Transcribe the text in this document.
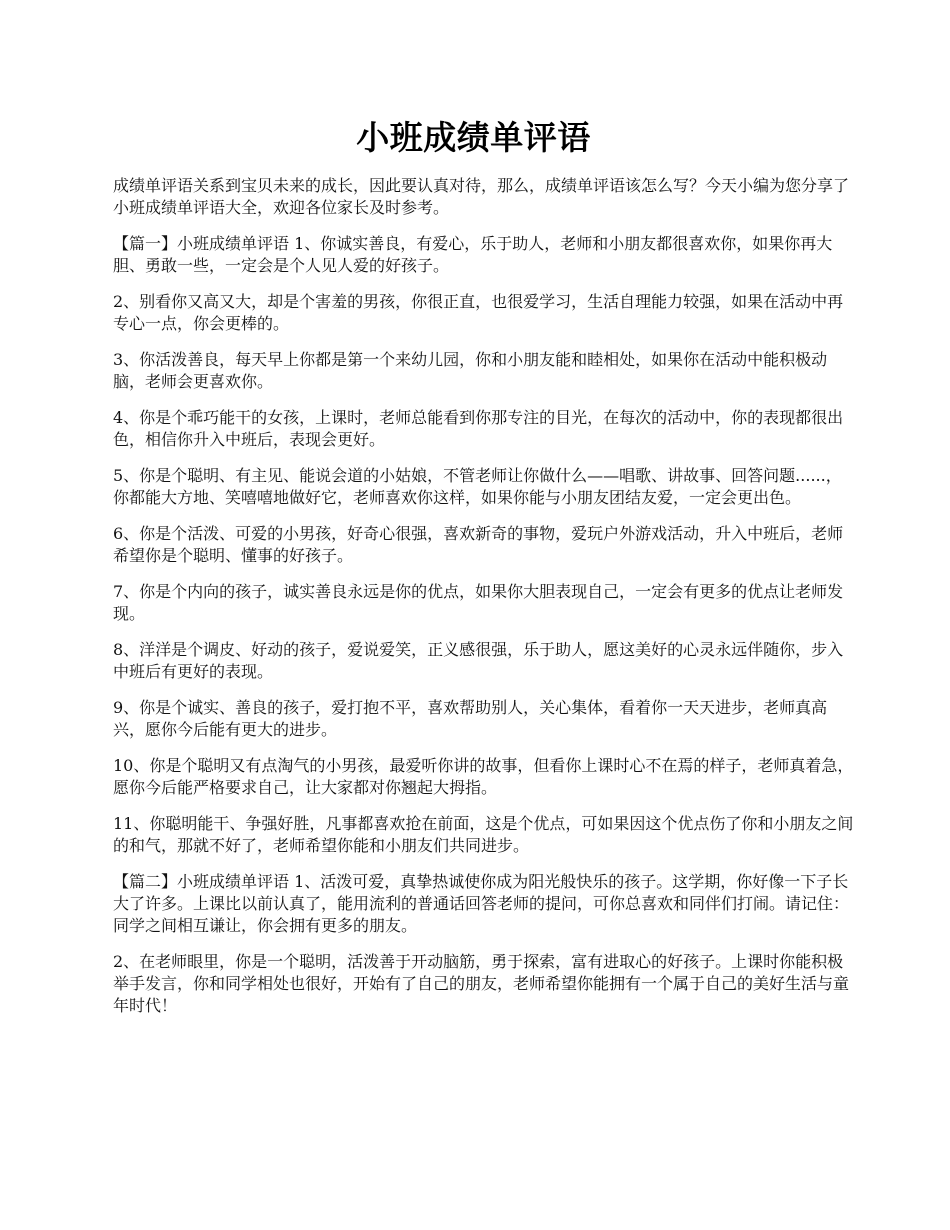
小班成绩单评语

成绩单评语关系到宝贝未来的成长，因此要认真对待，那么，成绩单评语该怎么写？今天小编为您分享了小班成绩单评语大全，欢迎各位家长及时参考。

【篇一】小班成绩单评语 1、你诚实善良，有爱心，乐于助人，老师和小朋友都很喜欢你，如果你再大胆、勇敢一些，一定会是个人见人爱的好孩子。

2、别看你又高又大，却是个害羞的男孩，你很正直，也很爱学习，生活自理能力较强，如果在活动中再专心一点，你会更棒的。

3、你活泼善良，每天早上你都是第一个来幼儿园，你和小朋友能和睦相处，如果你在活动中能积极动脑，老师会更喜欢你。

4、你是个乖巧能干的女孩，上课时，老师总能看到你那专注的目光，在每次的活动中，你的表现都很出色，相信你升入中班后，表现会更好。

5、你是个聪明、有主见、能说会道的小姑娘，不管老师让你做什么——唱歌、讲故事、回答问题......，你都能大方地、笑嘻嘻地做好它，老师喜欢你这样，如果你能与小朋友团结友爱，一定会更出色。

6、你是个活泼、可爱的小男孩，好奇心很强，喜欢新奇的事物，爱玩户外游戏活动，升入中班后，老师希望你是个聪明、懂事的好孩子。

7、你是个内向的孩子，诚实善良永远是你的优点，如果你大胆表现自己，一定会有更多的优点让老师发现。

8、洋洋是个调皮、好动的孩子，爱说爱笑，正义感很强，乐于助人，愿这美好的心灵永远伴随你，步入中班后有更好的表现。

9、你是个诚实、善良的孩子，爱打抱不平，喜欢帮助别人，关心集体，看着你一天天进步，老师真高兴，愿你今后能有更大的进步。

10、你是个聪明又有点淘气的小男孩，最爱听你讲的故事，但看你上课时心不在焉的样子，老师真着急，愿你今后能严格要求自己，让大家都对你翘起大拇指。

11、你聪明能干、争强好胜，凡事都喜欢抢在前面，这是个优点，可如果因这个优点伤了你和小朋友之间的和气，那就不好了，老师希望你能和小朋友们共同进步。

【篇二】小班成绩单评语 1、活泼可爱，真挚热诚使你成为阳光般快乐的孩子。这学期，你好像一下子长大了许多。上课比以前认真了，能用流利的普通话回答老师的提问，可你总喜欢和同伴们打闹。请记住：同学之间相互谦让，你会拥有更多的朋友。

2、在老师眼里，你是一个聪明，活泼善于开动脑筋，勇于探索，富有进取心的好孩子。上课时你能积极举手发言，你和同学相处也很好，开始有了自己的朋友，老师希望你能拥有一个属于自己的美好生活与童年时代！
